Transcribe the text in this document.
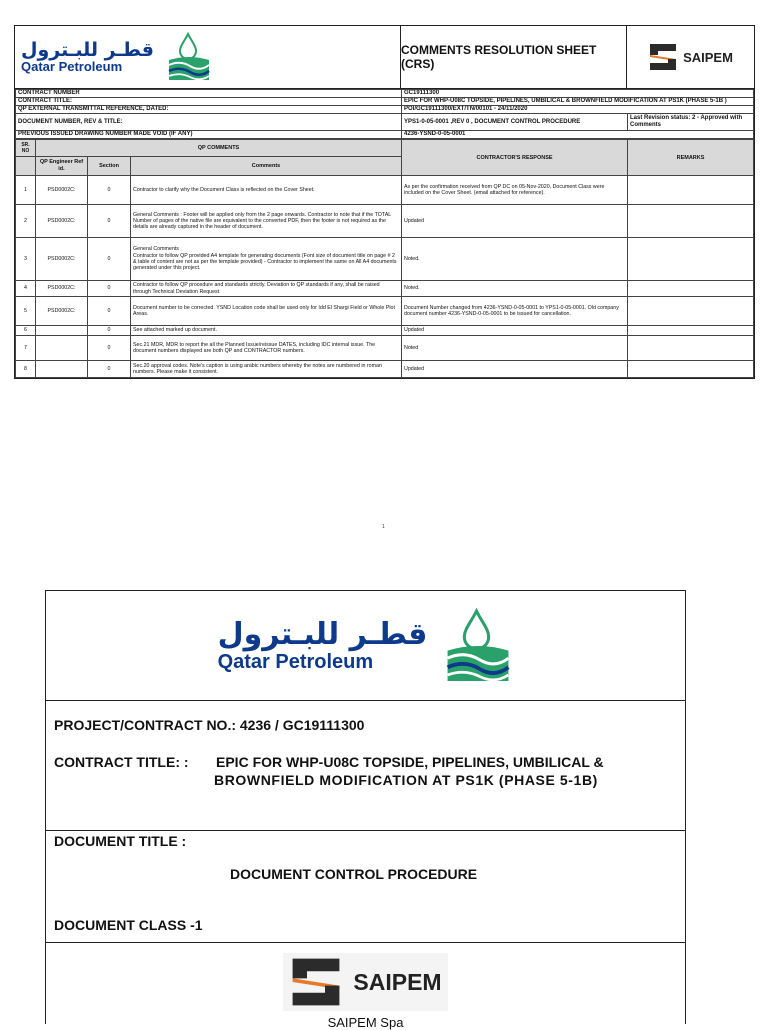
قطـر للبـترول
Qatar Petroleum
COMMENTS RESOLUTION SHEET (CRS)	SAIPEM
CONTRACT NUMBER	GC19111300	
CONTRACT TITLE:	EPIC FOR WHP-U08C TOPSIDE, PIPELINES, UMBILICAL & BROWNFIELD MODIFICATION AT PS1K (PHASE 5-1B )	
QP EXTERNAL TRANSMITTAL REFERENCE, DATED:	POI/GC19111300/EXT/TN/00101 - 24/11/2020	
DOCUMENT NUMBER, REV & TITLE:	YPS1-0-05-0001 ,REV 0 , DOCUMENT CONTROL PROCEDURE	Last Revision status: 2 - Approved with Comments
PREVIOUS ISSUED DRAWING NUMBER MADE VOID (IF ANY)	4236-YSND-0-05-0001	
SR. NO	QP COMMENTS			CONTRACTOR'S RESPONSE	REMARKS
	QP Engineer Ref id.	Section	Comments		
1	PSD0002C:	0	Contractor to clarify why the Document Class is reflected on the Cover Sheet.	As per the confirmation received from QP DC on 05-Nov-2020, Document Class were included on the Cover Sheet. (email attached for reference).	
2	PSD0002C:	0	General Comments : Footer will be applied only from the 2 page onwards. Contractor to note that if the TOTAL Number of pages of the native file are equivalent to the converted PDF, then the footer is not required as the details are already captured in the header of document.	Updated	
3	PSD0002C:	0	General Comments
Contractor to follow QP provided A4 template for generating documents (Font size of document title on page # 2
& table of content are not as per the template provided) - Contractor to implement the same on All A4 documents generated under this project.	Noted.	
4	PSD0002C:	0	Contractor to follow QP procedure and standards strictly. Deviation to QP standards if any, shall be raised through Technical Deviation Request	Noted.	
5	PSD0002C:	0	Document number to be corrected. YSND Location code shall be used only for Idd El Shargi Field or Whole Plot Areas.	Document Number changed from 4236-YSND-0-05-0001 to YPS1-0-05-0001. Old company document number 4236-YSND-0-05-0001 to be issued for cancellation.	
6		0	See attached marked up document.	Updated	
7		0	Sec.21 MDR, MDR to report the all the Planned Issue/reissue DATES, including IDC internal issue. The document numbers displayed are both QP and CONTRACTOR numbers.	Noted	
8		0	Sec.20 approval codes. Note's caption is using arabic numbers whereby the notes are numbered in roman numbers. Please make it consistent.	Updated	
1
قطـر للبـترول
Qatar Petroleum
PROJECT/CONTRACT NO.: 4236 / GC19111300
CONTRACT TITLE: : EPIC FOR WHP-U08C TOPSIDE, PIPELINES, UMBILICAL &
BROWNFIELD MODIFICATION AT PS1K (PHASE 5-1B)
DOCUMENT TITLE :
DOCUMENT CONTROL PROCEDURE
DOCUMENT CLASS -1
SAIPEM
SAIPEM Spa
